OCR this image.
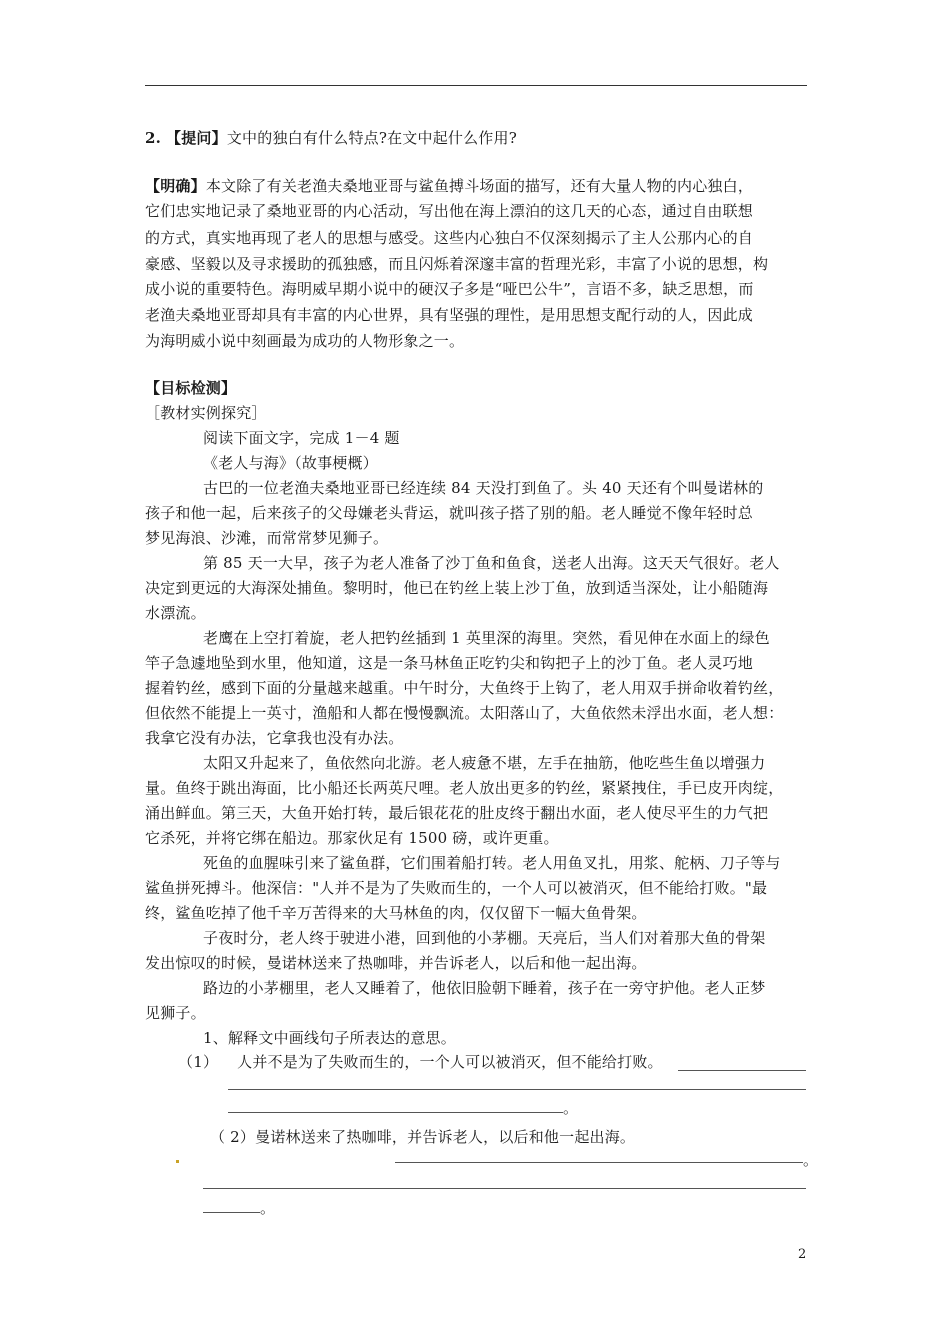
2. 【提问】文中的独白有什么特点?在文中起什么作用?
【明确】本文除了有关老渔夫桑地亚哥与鲨鱼搏斗场面的描写，还有大量人物的内心独白，
它们忠实地记录了桑地亚哥的内心活动，写出他在海上漂泊的这几天的心态，通过自由联想
的方式，真实地再现了老人的思想与感受。这些内心独白不仅深刻揭示了主人公那内心的自
豪感、坚毅以及寻求援助的孤独感，而且闪烁着深邃丰富的哲理光彩，丰富了小说的思想，构
成小说的重要特色。海明威早期小说中的硬汉子多是“哑巴公牛”，言语不多，缺乏思想，而
老渔夫桑地亚哥却具有丰富的内心世界，具有坚强的理性，是用思想支配行动的人，因此成
为海明威小说中刻画最为成功的人物形象之一。
【目标检测】
［教材实例探究］
阅读下面文字，完成 1－4 题
《老人与海》（故事梗概）
古巴的一位老渔夫桑地亚哥已经连续 84 天没打到鱼了。头 40 天还有个叫曼诺林的
孩子和他一起，后来孩子的父母嫌老头背运，就叫孩子搭了别的船。老人睡觉不像年轻时总
梦见海浪、沙滩，而常常梦见狮子。
第 85 天一大早，孩子为老人准备了沙丁鱼和鱼食，送老人出海。这天天气很好。老人
决定到更远的大海深处捕鱼。黎明时，他已在钓丝上装上沙丁鱼，放到适当深处，让小船随海
水漂流。
老鹰在上空打着旋，老人把钓丝插到 1 英里深的海里。突然，看见伸在水面上的绿色
竿子急遽地坠到水里，他知道，这是一条马林鱼正吃钓尖和钩把子上的沙丁鱼。老人灵巧地
握着钓丝，感到下面的分量越来越重。中午时分，大鱼终于上钩了，老人用双手拼命收着钓丝，
但依然不能提上一英寸，渔船和人都在慢慢飘流。太阳落山了，大鱼依然未浮出水面，老人想：
我拿它没有办法，它拿我也没有办法。
太阳又升起来了，鱼依然向北游。老人疲惫不堪，左手在抽筋，他吃些生鱼以增强力
量。鱼终于跳出海面，比小船还长两英尺哩。老人放出更多的钓丝，紧紧拽住，手已皮开肉绽，
涌出鲜血。第三天，大鱼开始打转，最后银花花的肚皮终于翻出水面，老人使尽平生的力气把
它杀死，并将它绑在船边。那家伙足有 1500 磅，或许更重。
死鱼的血腥味引来了鲨鱼群，它们围着船打转。老人用鱼叉扎，用浆、舵柄、刀子等与
鲨鱼拼死搏斗。他深信："人并不是为了失败而生的，一个人可以被消灭，但不能给打败。"最
终，鲨鱼吃掉了他千辛万苦得来的大马林鱼的肉，仅仅留下一幅大鱼骨架。
子夜时分，老人终于驶进小港，回到他的小茅棚。天亮后，当人们对着那大鱼的骨架
发出惊叹的时候，曼诺林送来了热咖啡，并告诉老人，以后和他一起出海。
路边的小茅棚里，老人又睡着了，他依旧脸朝下睡着，孩子在一旁守护他。老人正梦
见狮子。
1、解释文中画线句子所表达的意思。
（1） 人并不是为了失败而生的，一个人可以被消灭，但不能给打败。
。
（ 2）曼诺林送来了热咖啡，并告诉老人，以后和他一起出海。
。
。
2
